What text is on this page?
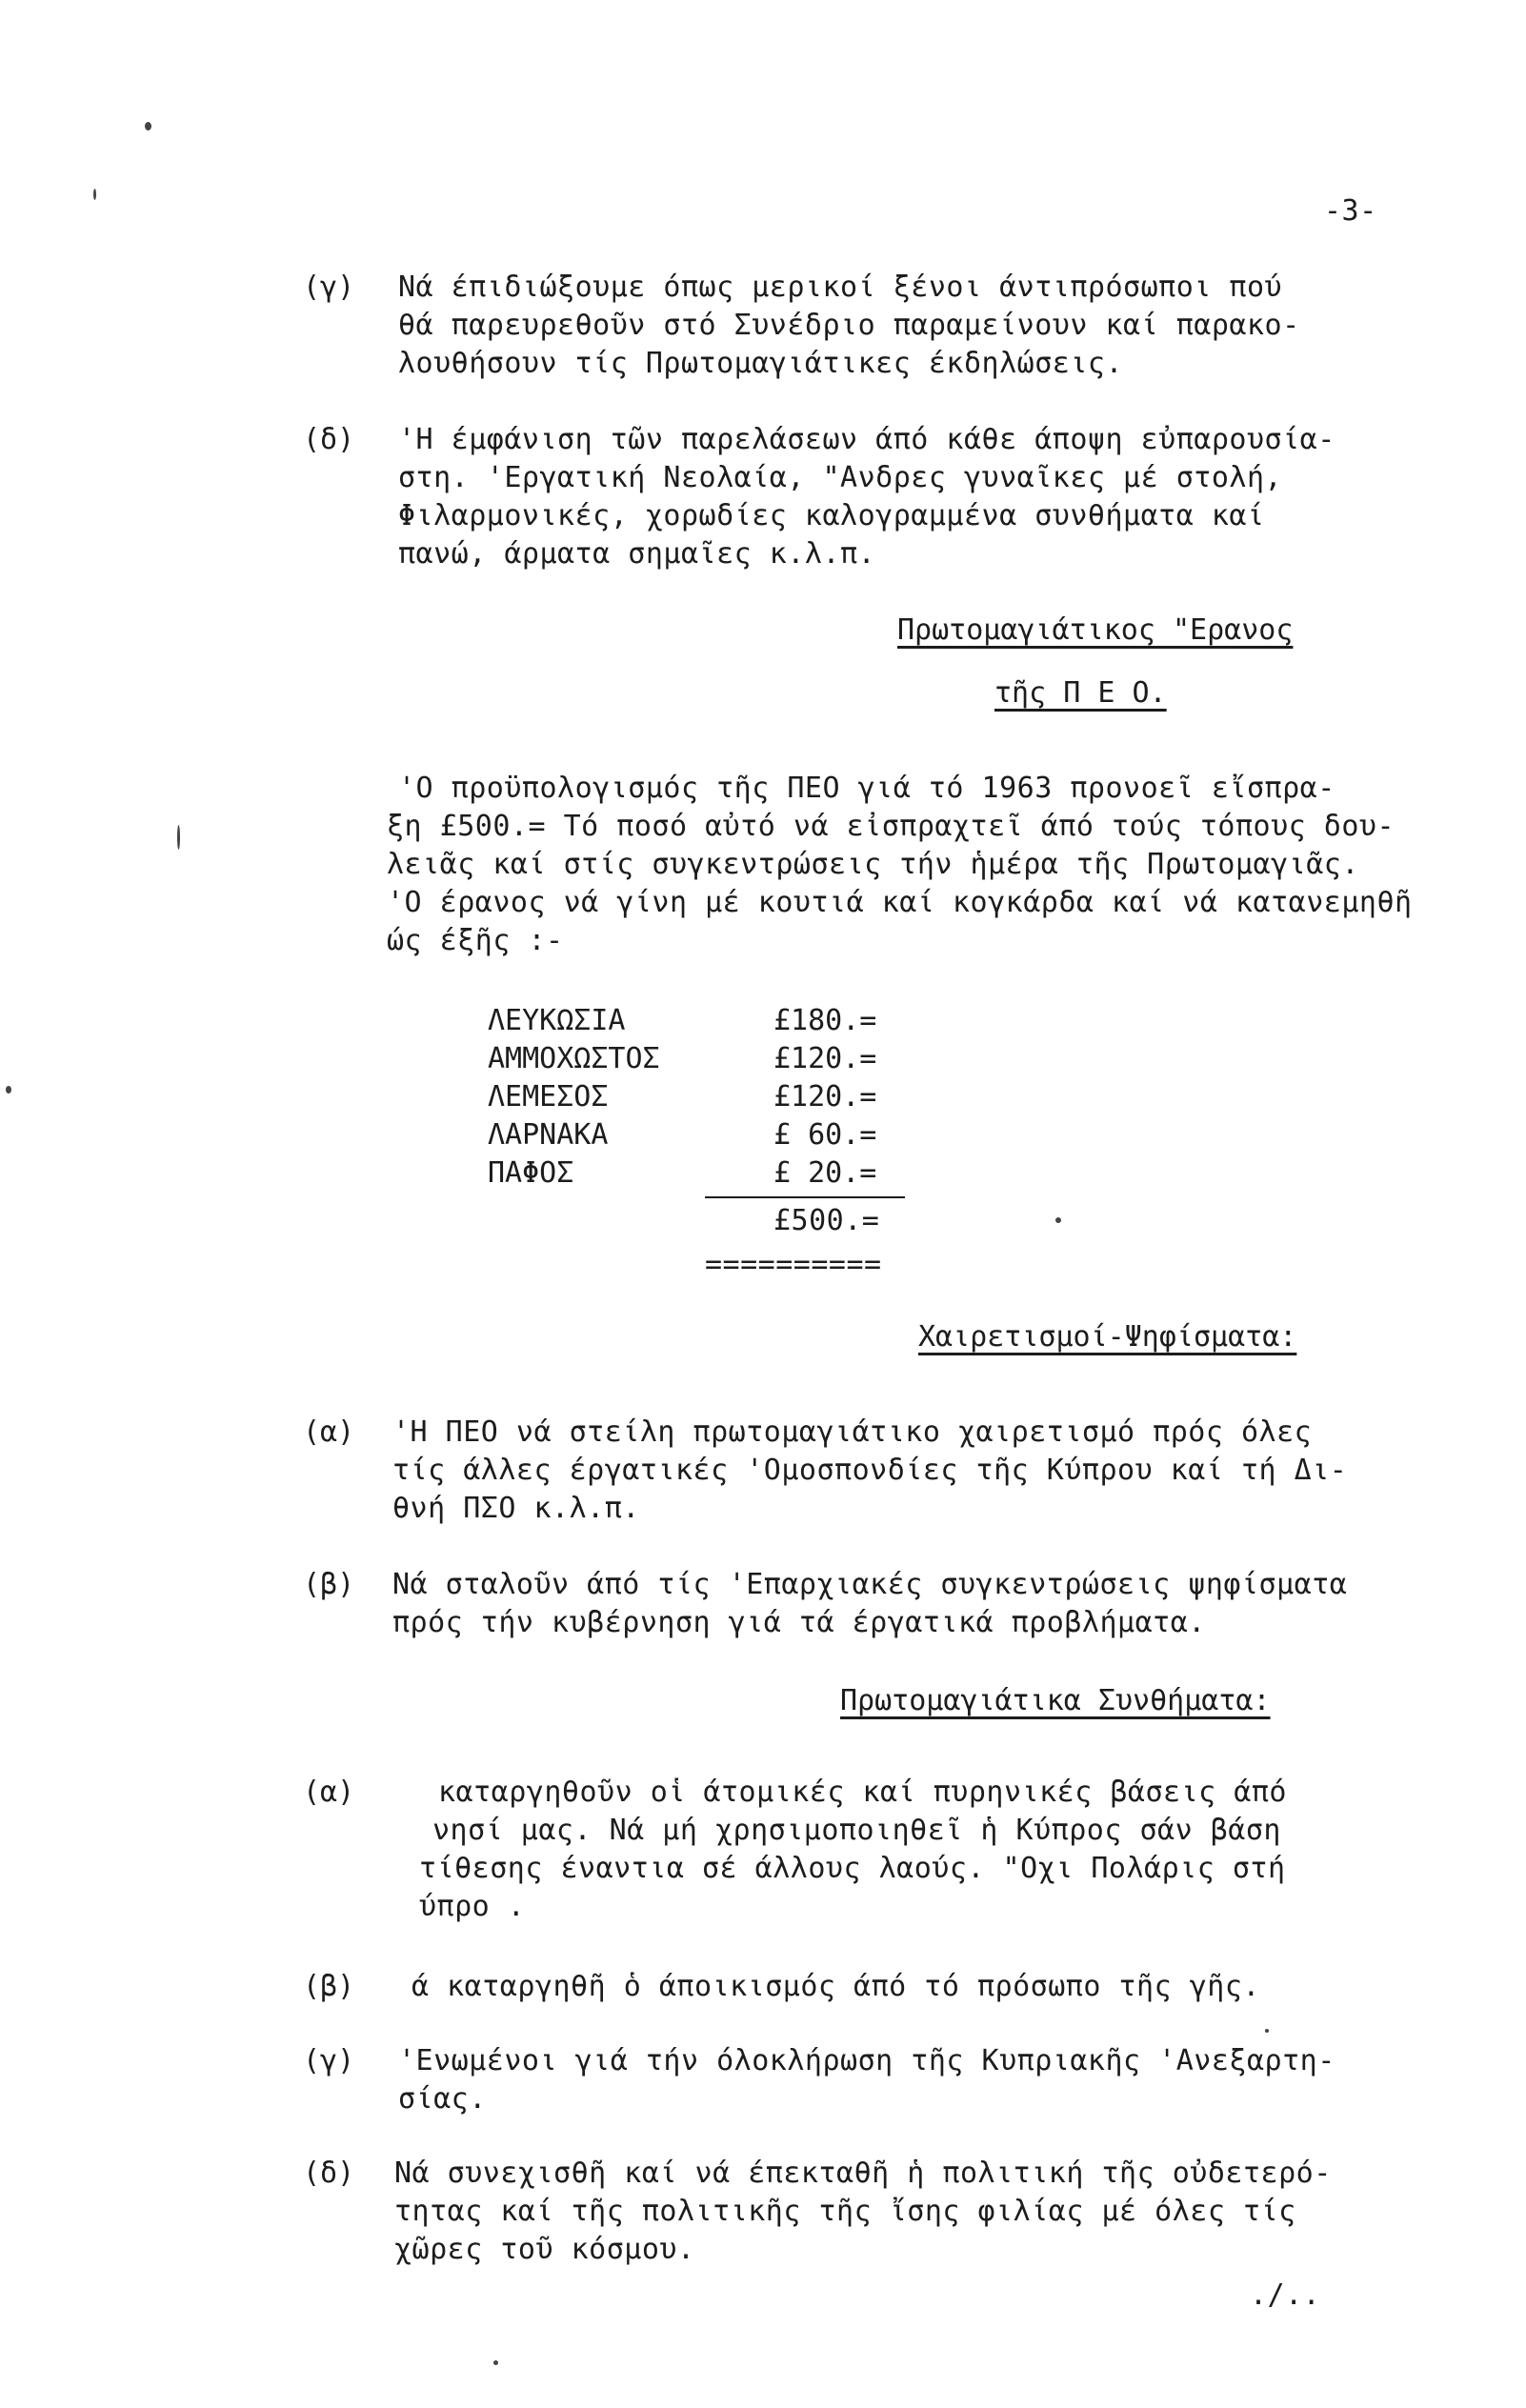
-3-
(γ) Νά έπιδιώξουμε όπως μερικοί ξένοι άντιπρόσωποι πού
θά παρευρεθοῦν στό Συνέδριο παραμείνουν καί παρακο-
λουθήσουν τίς Πρωτομαγιάτικες έκδηλώσεις.
(δ) 'Η έμφάνιση τῶν παρελάσεων άπό κάθε άποψη εὐπαρουσία-
στη. 'Εργατική Νεολαία, "Ανδρες γυναῖκες μέ στολή,
Φιλαρμονικές, χορωδίες καλογραμμένα συνθήματα καί
πανώ, άρματα σημαῖες κ.λ.π.
Πρωτομαγιάτικος "Ερανος
τῆς Π Ε Ο.
'Ο προϋπολογισμός τῆς ΠΕΟ γιά τό 1963 προνοεῖ εἴσπρα-
ξη £500.= Τό ποσό αὐτό νά εἰσπραχτεῖ άπό τούς τόπους δου-
λειᾶς καί στίς συγκεντρώσεις τήν ἡμέρα τῆς Πρωτομαγιᾶς.
'Ο έρανος νά γίνη μέ κουτιά καί κογκάρδα καί νά κατανεμηθῆ
ώς έξῆς :-
ΛΕΥΚΩΣΙΑ	£180.=
ΑΜΜΟΧΩΣΤΟΣ	£120.=
ΛΕΜΕΣΟΣ	£120.=
ΛΑΡΝΑΚΑ	£ 60.=
ΠΑΦΟΣ	£ 20.=
£500.=
==========
Χαιρετισμοί-Ψηφίσματα:
(α) 'Η ΠΕΟ νά στείλη πρωτομαγιάτικο χαιρετισμό πρός όλες
τίς άλλες έργατικές 'Ομοσπονδίες τῆς Κύπρου καί τή Δι-
θνή ΠΣΟ κ.λ.π.
(β) Νά σταλοῦν άπό τίς 'Επαρχιακές συγκεντρώσεις ψηφίσματα
πρός τήν κυβέρνηση γιά τά έργατικά προβλήματα.
Πρωτομαγιάτικα Συνθήματα:
(α)	καταργηθοῦν οἱ άτομικές καί πυρηνικές βάσεις άπό
νησί μας. Νά μή χρησιμοποιηθεῖ ἡ Κύπρος σάν βάση
τίθεσης έναντια σέ άλλους λαούς. "Οχι Πολάρις στή
ύπρο .
(β) ά καταργηθῆ ὁ άποικισμός άπό τό πρόσωπο τῆς γῆς.
(γ) 'Ενωμένοι γιά τήν όλοκλήρωση τῆς Κυπριακῆς 'Ανεξαρτη-
σίας.
(δ) Νά συνεχισθῆ καί νά έπεκταθῆ ἡ πολιτική τῆς οὐδετερό-
τητας καί τῆς πολιτικῆς τῆς ἴσης φιλίας μέ όλες τίς
χῶρες τοῦ κόσμου.
./..
